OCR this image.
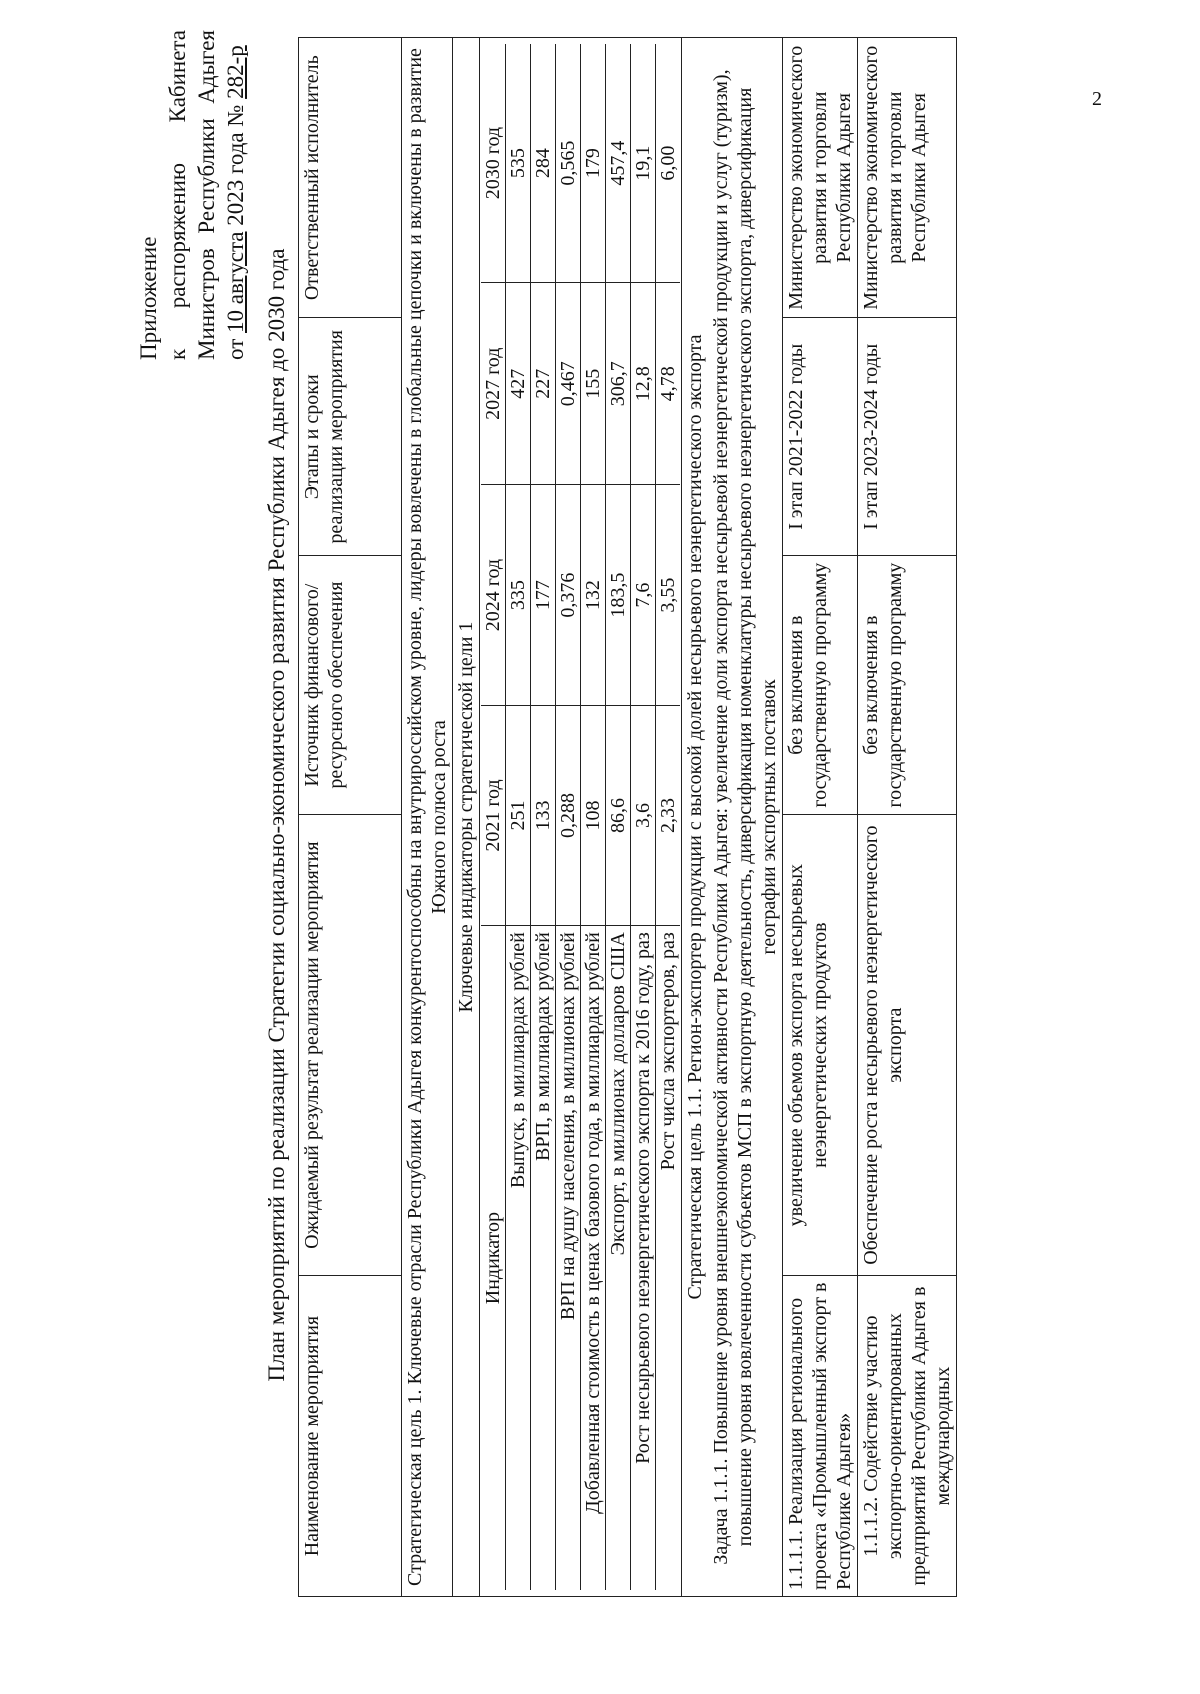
2
Приложение к
распоряжению
Кабинета
Министров
Республики
Адыгея
от 10 августа 2023 года № 282-р
План мероприятий по реализации Стратегии социально-экономического развития Республики Адыгея до 2030 года
Наименование мероприятия	Ожидаемый результат реализации мероприятия	Источник финансового/ресурсного обеспечения	Этапы и сроки реализации мероприятия	Ответственный исполнитель
Стратегическая цель 1. Ключевые отрасли Республики Адыгея конкурентоспособны на внутрироссийском уровне, лидеры вовлечены в глобальные цепочки и включены в развитие Южного полюса роста
Ключевые индикаторы стратегической цели 1

Индикатор	2021 год	2024 год	2027 год	2030 год
Выпуск, в миллиардах рублей	251	335	427	535
ВРП, в миллиардах рублей	133	177	227	284
ВРП на душу населения, в миллионах рублей	0,288	0,376	0,467	0,565
Добавленная стоимость в ценах базового года, в миллиардах рублей	108	132	155	179
Экспорт, в миллионах долларов США	86,6	183,5	306,7	457,4
Рост несырьевого неэнергетического экспорта к 2016 году, раз	3,6	7,6	12,8	19,1
Рост числа экспортеров, раз	2,33	3,55	4,78	6,00

Стратегическая цель 1.1. Регион-экспортер продукции с высокой долей несырьевого неэнергетического экспорта
Задача 1.1.1. Повышение уровня внешнеэкономической активности Республики Адыгея: увеличение доли экспорта несырьевой неэнергетической продукции и услуг (туризм), повышение уровня вовлеченности субъектов МСП в экспортную деятельность, диверсификация номенклатуры несырьевого неэнергетического экспорта, диверсификация географии экспортных поставок
1.1.1.1. Реализация регионального проекта «Промышленный экспорт в Республике Адыгея»	увеличение объемов экспорта несырьевых неэнергетических продуктов	без включения в государственную программу	I этап 2021-2022 годы	Министерство экономического развития и торговли Республики Адыгея
1.1.1.2. Содействие участию экспортно-ориентированных предприятий Республики Адыгея в международных	Обеспечение роста несырьевого неэнергетического экспорта	без включения в государственную программу	I этап 2023-2024 годы	Министерство экономического развития и торговли Республики Адыгея
